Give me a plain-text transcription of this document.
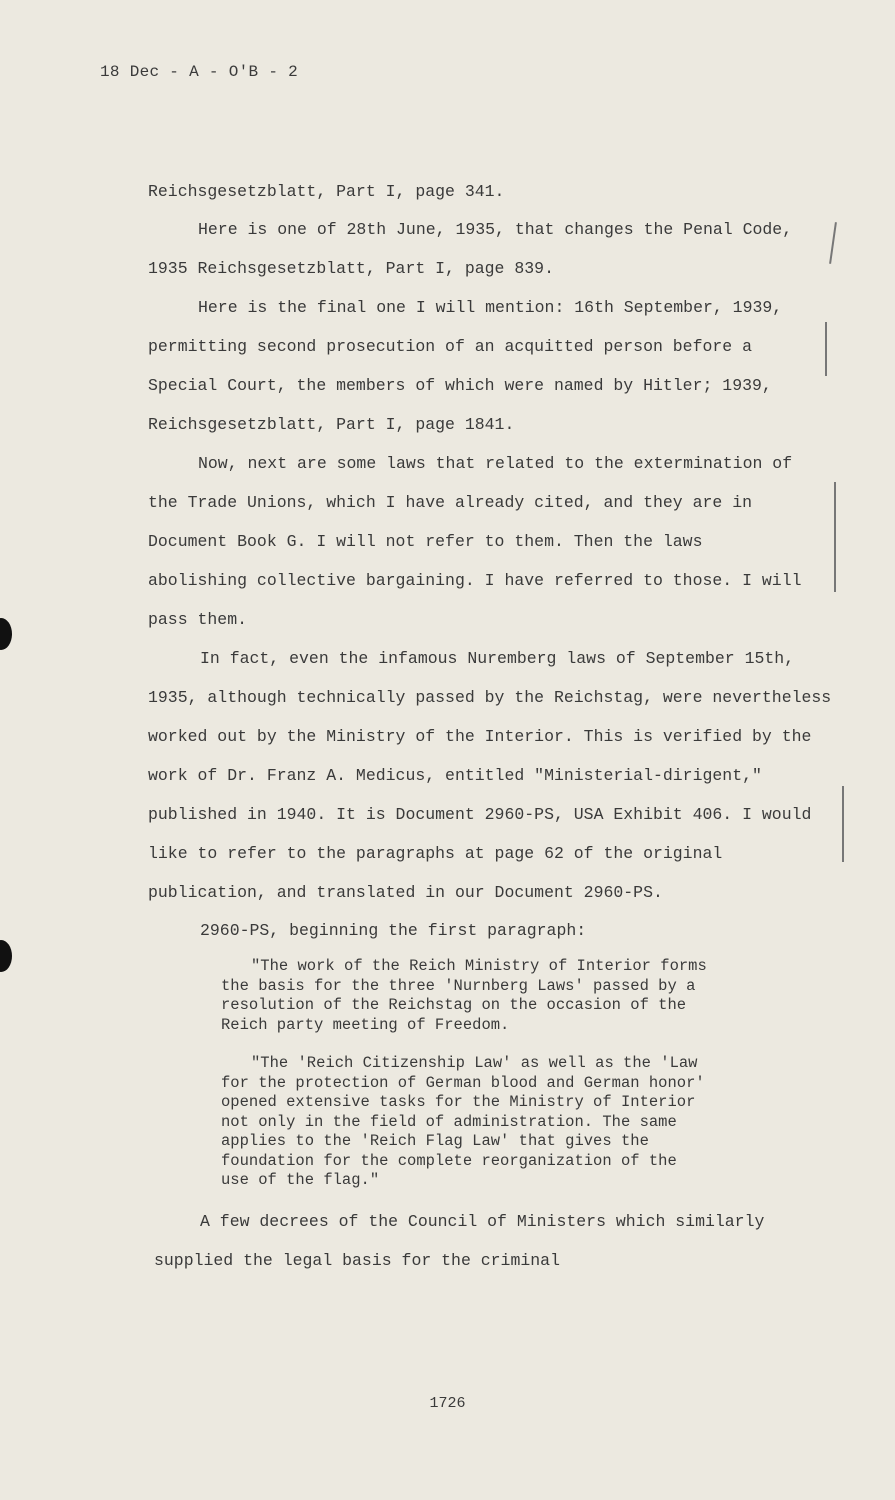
18 Dec - A - O'B - 2
Reichsgesetzblatt, Part I, page 341.
Here is one of 28th June, 1935, that changes the Penal Code,
1935 Reichsgesetzblatt, Part I, page 839.
Here is the final one I will mention: 16th September, 1939,
permitting second prosecution of an acquitted person before a
Special Court, the members of which were named by Hitler; 1939,
Reichsgesetzblatt, Part I, page 1841.
Now, next are some laws that related to the extermination of
the Trade Unions, which I have already cited, and they are in
Document Book G. I will not refer to them. Then the laws
abolishing collective bargaining. I have referred to those. I will
pass them.
In fact, even the infamous Nuremberg laws of September 15th,
1935, although technically passed by the Reichstag, were nevertheless
worked out by the Ministry of the Interior. This is verified by the
work of Dr. Franz A. Medicus, entitled "Ministerial-dirigent,"
published in 1940. It is Document 2960-PS, USA Exhibit 406. I would
like to refer to the paragraphs at page 62 of the original
publication, and translated in our Document 2960-PS.
2960-PS, beginning the first paragraph:
"The work of the Reich Ministry of Interior forms
the basis for the three 'Nurnberg Laws' passed by a
resolution of the Reichstag on the occasion of the
Reich party meeting of Freedom.
"The 'Reich Citizenship Law' as well as the 'Law
for the protection of German blood and German honor'
opened extensive tasks for the Ministry of Interior
not only in the field of administration. The same
applies to the 'Reich Flag Law' that gives the
foundation for the complete reorganization of the
use of the flag."
A few decrees of the Council of Ministers which similarly
supplied the legal basis for the criminal
1726
